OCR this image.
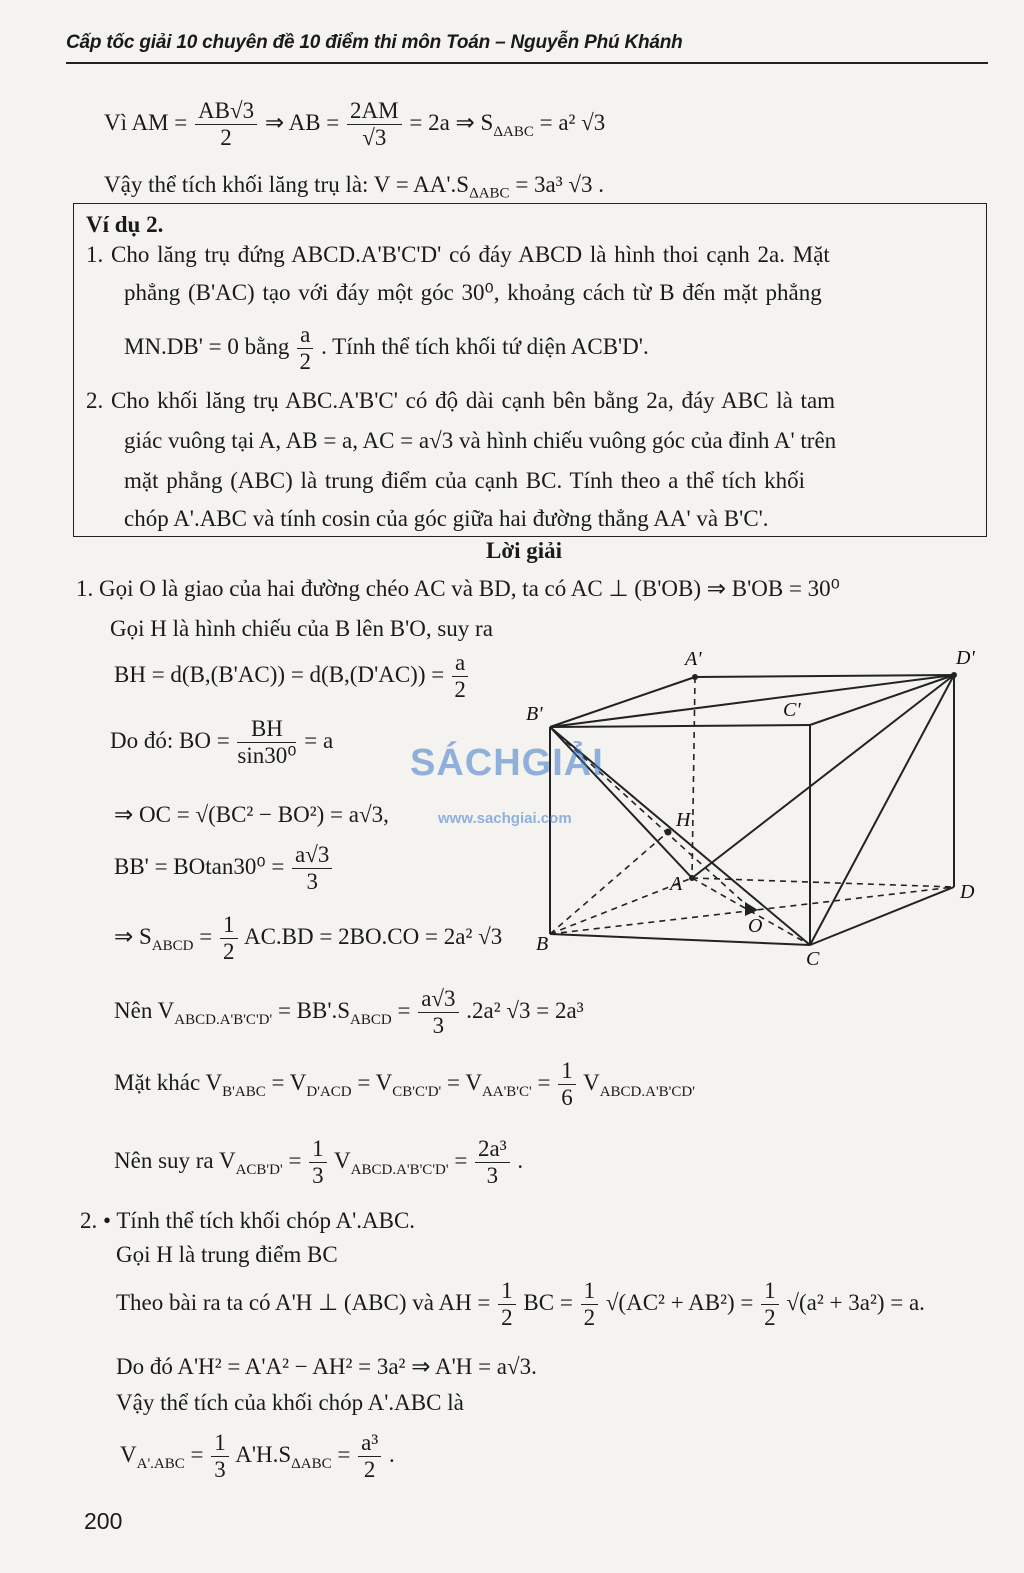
Cấp tốc giải 10 chuyên đề 10 điểm thi môn Toán – Nguyễn Phú Khánh
Vì AM = $\frac{AB√3}{2}$ ⇒ AB = $\frac{2AM}{√3} = 2a$ ⇒ $S_{\Delta ABC} = a^2$ √3
Vậy thể tích khối lăng trụ là: $V = AA'.S_{\Delta ABC} = 3a^3$ √3 .
Ví dụ 2.
1. Cho lăng trụ đứng ABCD.A'B'C'D' có đáy ABCD là hình thoi cạnh 2a. Mặt
phẳng (B'AC) tạo với đáy một góc 30⁰, khoảng cách từ B đến mặt phẳng
MN.DB' = 0 bằng $\frac{a}{2}$ . Tính thể tích khối tứ diện ACB'D'.
2. Cho khối lăng trụ ABC.A'B'C' có độ dài cạnh bên bằng 2a, đáy ABC là tam
giác vuông tại A, AB = a, AC = a√3 và hình chiếu vuông góc của đỉnh A' trên
mặt phẳng (ABC) là trung điểm của cạnh BC. Tính theo a thể tích khối
chóp A'.ABC và tính cosin của góc giữa hai đường thẳng AA' và B'C'.
Lời giải
1. Gọi O là giao của hai đường chéo AC và BD, ta có AC ⊥ (B'OB) ⇒ B'OB = 30⁰
Gọi H là hình chiếu của B lên B'O, suy ra
BH = $d(B,(B'AC)) = d(B,(D'AC)) = \frac{a}{2}$
Do đó: BO = $\frac{BH}{\text{sin30⁰}} = a$
⇒ OC = √(BC² − BO²) = a√3,
$BB' = BOtan30^0 = \frac{a√3}{3}$
⇒ $S_{ABCD} = \frac{1}{2} AC.BD = 2BO.CO = 2a^2$ √3
Nên $V_{ABCD.A'B'C'D'} = BB'.S_{ABCD} = \frac{a√3}{3} .2a^2$ √3 = 2a³
Mặt khác $V_{B'ABC} = V_{D'ACD} = V_{CB'C'D'} = V_{AA'B'C'} = \frac{1}{6} V_{ABCD.A'B'CD'}$
Nên suy ra $V_{ACB'D'} = \frac{1}{3} V_{ABCD.A'B'C'D'} = \frac{\text{2a³}}{3}$ .
2. • Tính thể tích khối chóp A'.ABC.
Gọi H là trung điểm BC
Theo bài ra ta có A'H ⊥ (ABC) và AH = $\frac{1}{2}$ BC = $\frac{1}{2} √(AC^2 + AB^2) = \frac{1}{2} √(a^2 + 3a^2) = a$.
Do đó A'H² = A'A² − AH² = 3a² ⇒ A'H = a√3.
Vậy thể tích của khối chóp A'.ABC là
$V_{A'.ABC} = \frac{1}{3} A'H.S_{\Delta ABC} = \frac{\text{a³}}{2}$ .
A'	D'
B'	C'
H
A
O
B
C
D
SÁCHGIẢI
www.sachgiai.com
200
